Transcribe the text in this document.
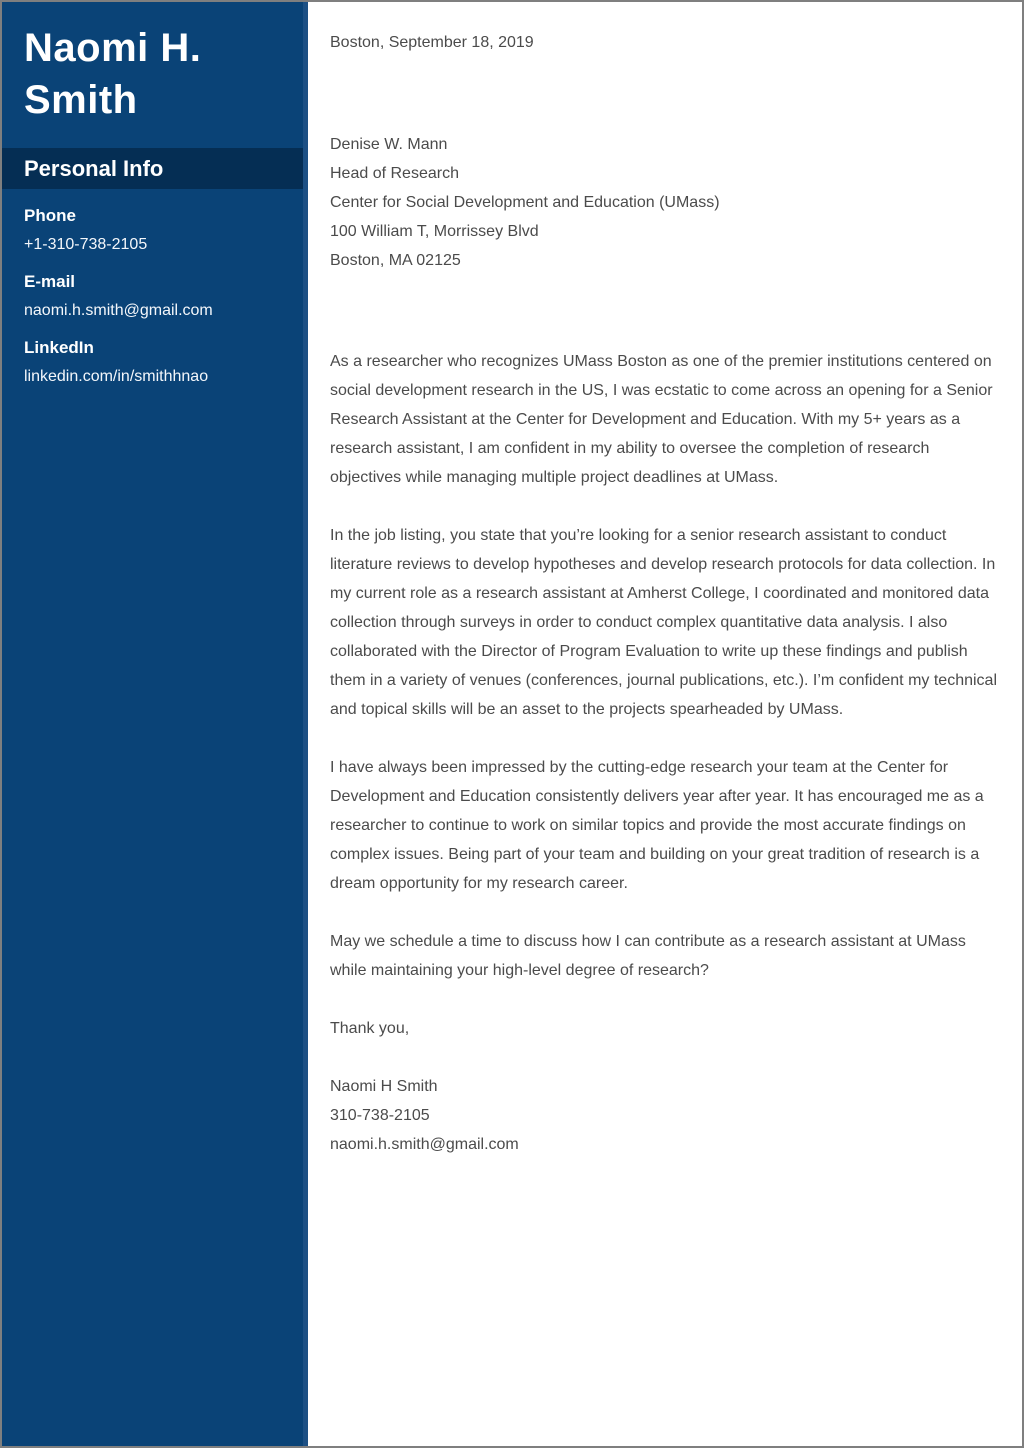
Naomi H. Smith
Personal Info
Phone
+1-310-738-2105
E-mail
naomi.h.smith@gmail.com
LinkedIn
linkedin.com/in/smithhnao
Boston, September 18, 2019
Denise W. Mann
Head of Research
Center for Social Development and Education (UMass)
100 William T, Morrissey Blvd
Boston, MA 02125

As a researcher who recognizes UMass Boston as one of the premier institutions centered on social development research in the US, I was ecstatic to come across an opening for a Senior Research Assistant at the Center for Development and Education. With my 5+ years as a research assistant, I am confident in my ability to oversee the completion of research objectives while managing multiple project deadlines at UMass.

In the job listing, you state that you’re looking for a senior research assistant to conduct literature reviews to develop hypotheses and develop research protocols for data collection. In my current role as a research assistant at Amherst College, I coordinated and monitored data collection through surveys in order to conduct complex quantitative data analysis. I also collaborated with the Director of Program Evaluation to write up these findings and publish them in a variety of venues (conferences, journal publications, etc.). I’m confident my technical and topical skills will be an asset to the projects spearheaded by UMass.

I have always been impressed by the cutting-edge research your team at the Center for Development and Education consistently delivers year after year. It has encouraged me as a researcher to continue to work on similar topics and provide the most accurate findings on complex issues. Being part of your team and building on your great tradition of research is a dream opportunity for my research career.

May we schedule a time to discuss how I can contribute as a research assistant at UMass while maintaining your high-level degree of research?

Thank you,
Naomi H Smith
310-738-2105
naomi.h.smith@gmail.com
